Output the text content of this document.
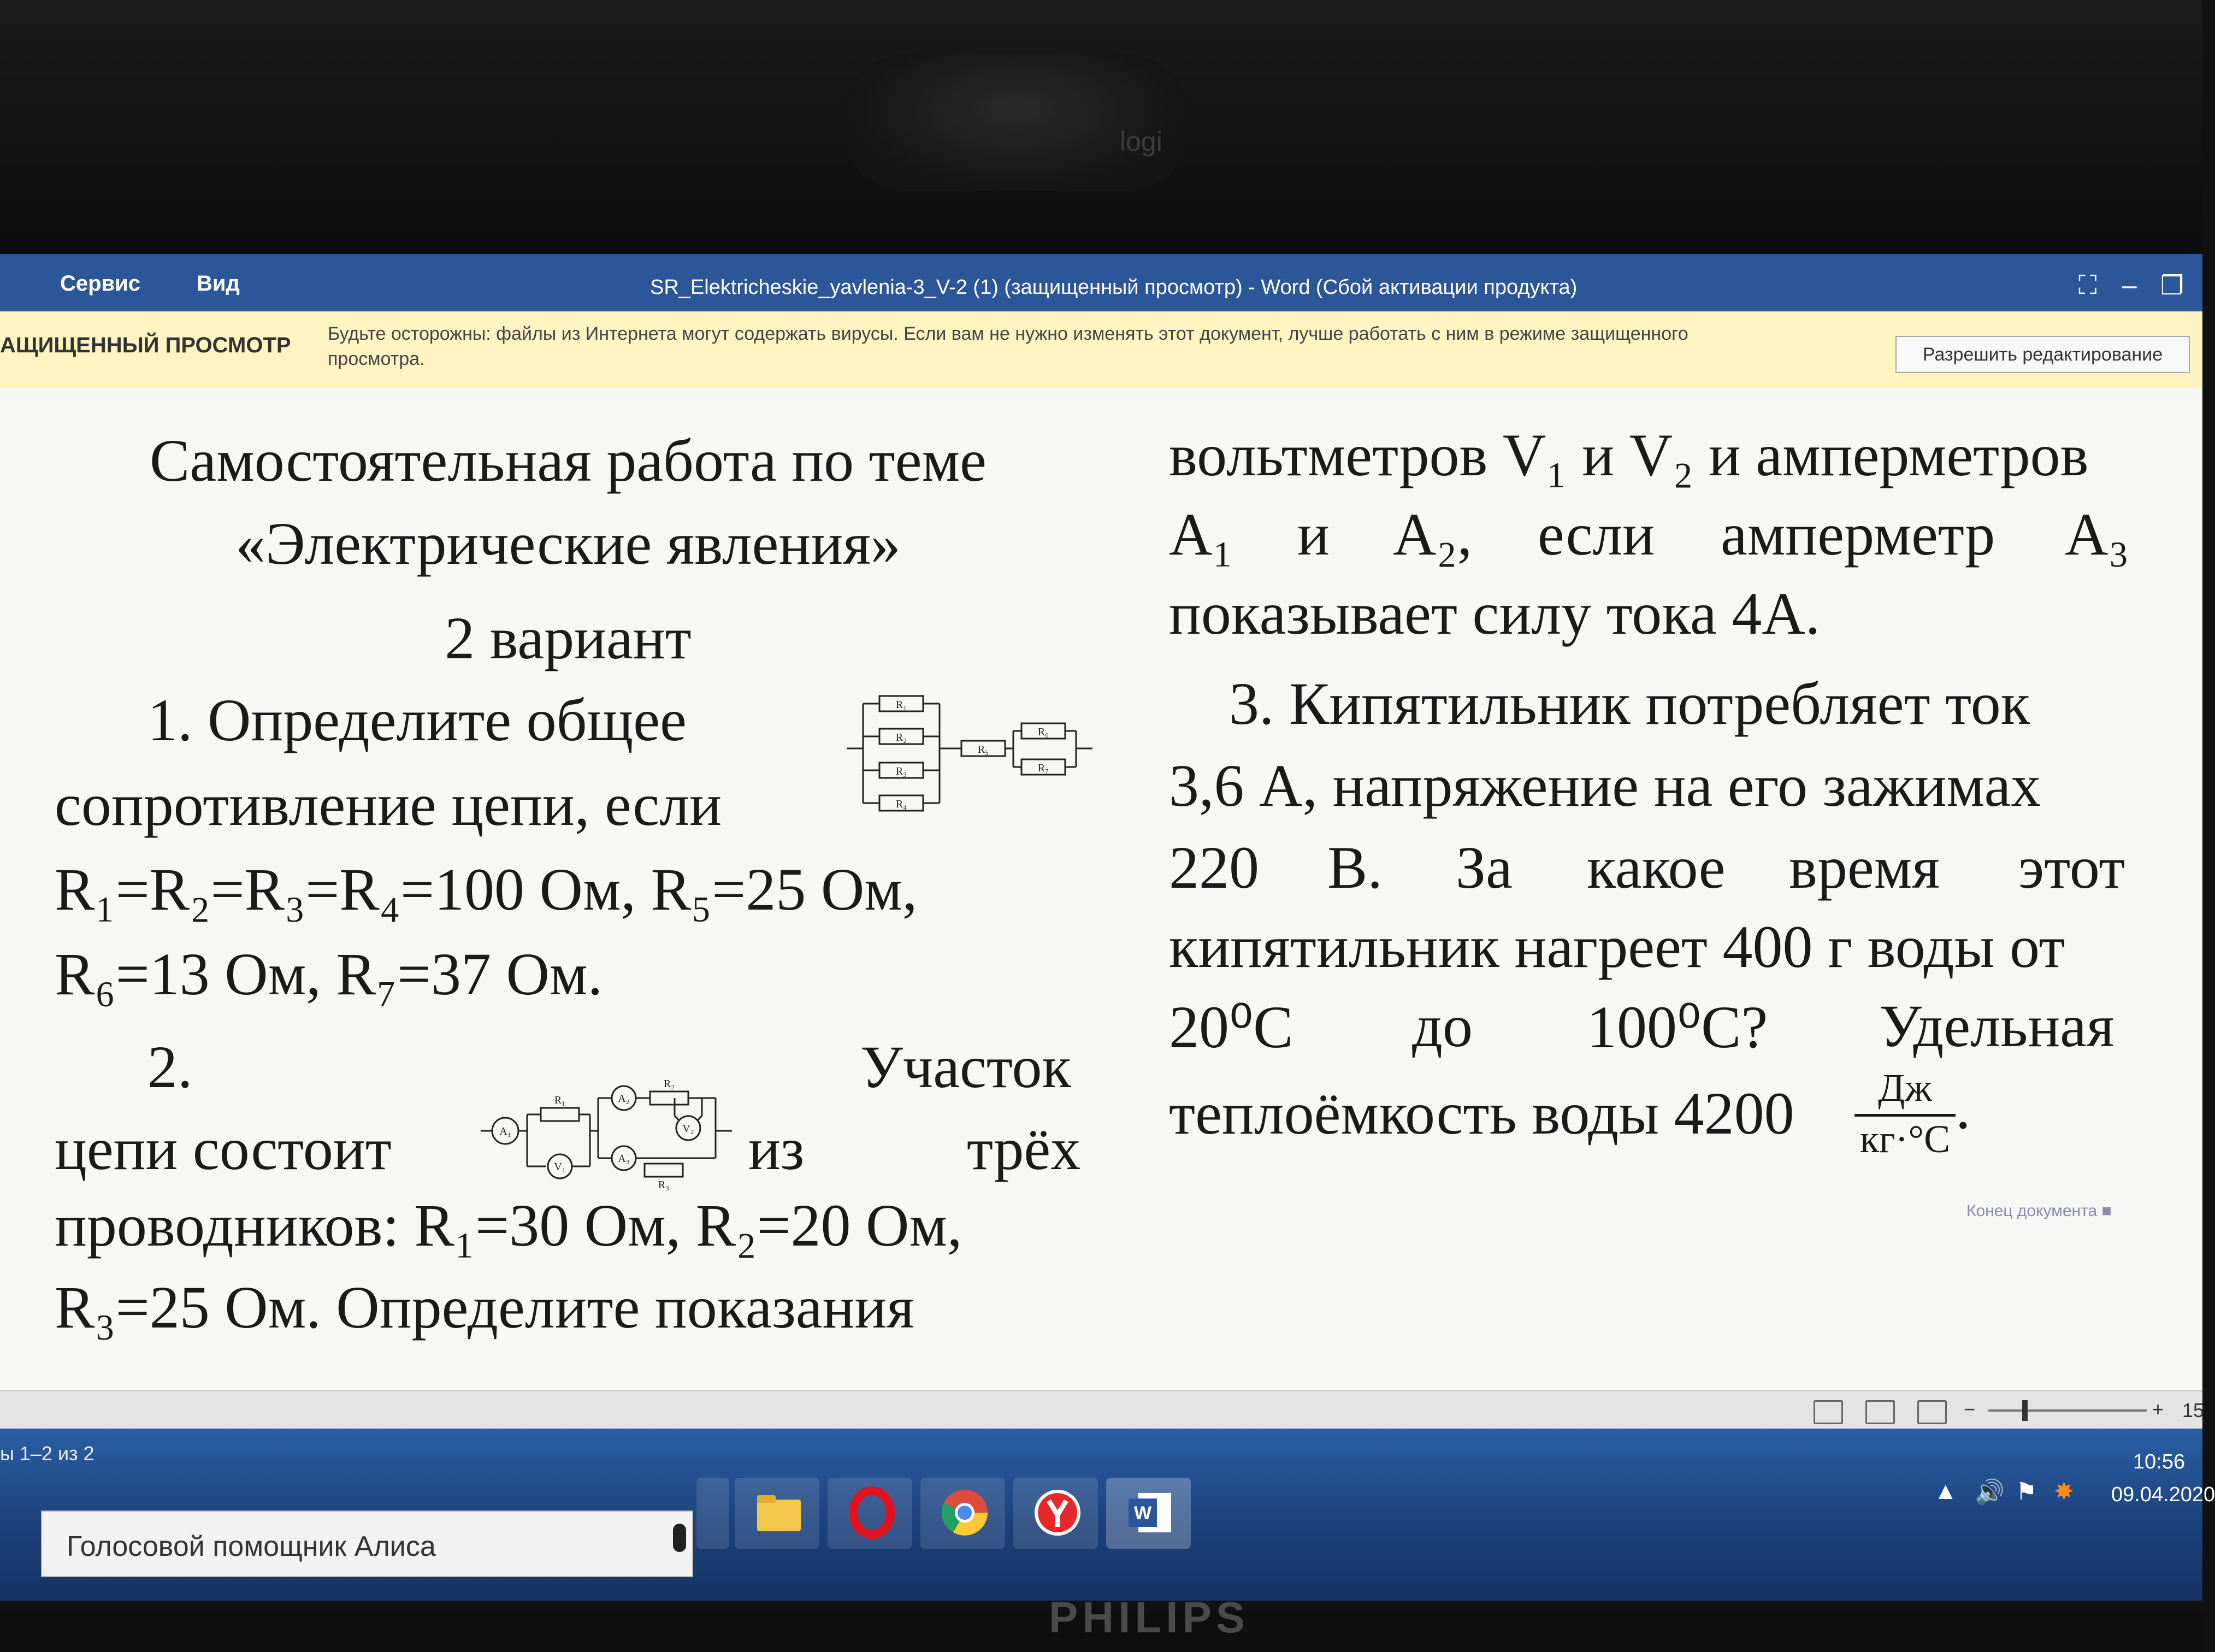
logi
Сервис	Вид	SR_Elektricheskie_yavlenia-3_V-2 (1) (защищенный просмотр) - Word (Сбой активации продукта)	⛶ – ❐
АЩИЩЕННЫЙ ПРОСМОТР Будьте осторожны: файлы из Интернета могут содержать вирусы. Если вам не нужно изменять этот документ, лучше работать с ним в режиме защищенного просмотра.	Разрешить редактирование
Самостоятельная работа по теме
«Электрические явления»
2 вариант
1. Определите общее
сопротивление цепи, если
R₁=R₂=R₃=R₄=100 Ом, R₅=25 Ом,
R₆=13 Ом, R₇=37 Ом.
R₁
R₂
R₃
R₄
R₅
R₆
R₇
2.	Участок
цепи состоит	из	трёх
проводников: R₁=30 Ом, R₂=20 Ом,
R₃=25 Ом. Определите показания
A₁
R₁
V₁
A₂
R₂
V₂
A₃
R₃
вольтметров V₁ и V₂ и амперметров
A₁ и A₂, если амперметр A₃
показывает силу тока 4А.
3. Кипятильник потребляет ток
3,6 А, напряжение на его зажимах
220 В. За какое время этот
кипятильник нагреет 400 г воды от
20⁰С до 100⁰С? Удельная
теплоёмкость воды 4200	Дж
кг·°С .
Конец документа ■
−	+ 15
ы 1–2 из 2
Голосовой помощник Алиса
W
▲ 🔊 ⚑ ✸
10:56
09.04.2020
PHILIPS
